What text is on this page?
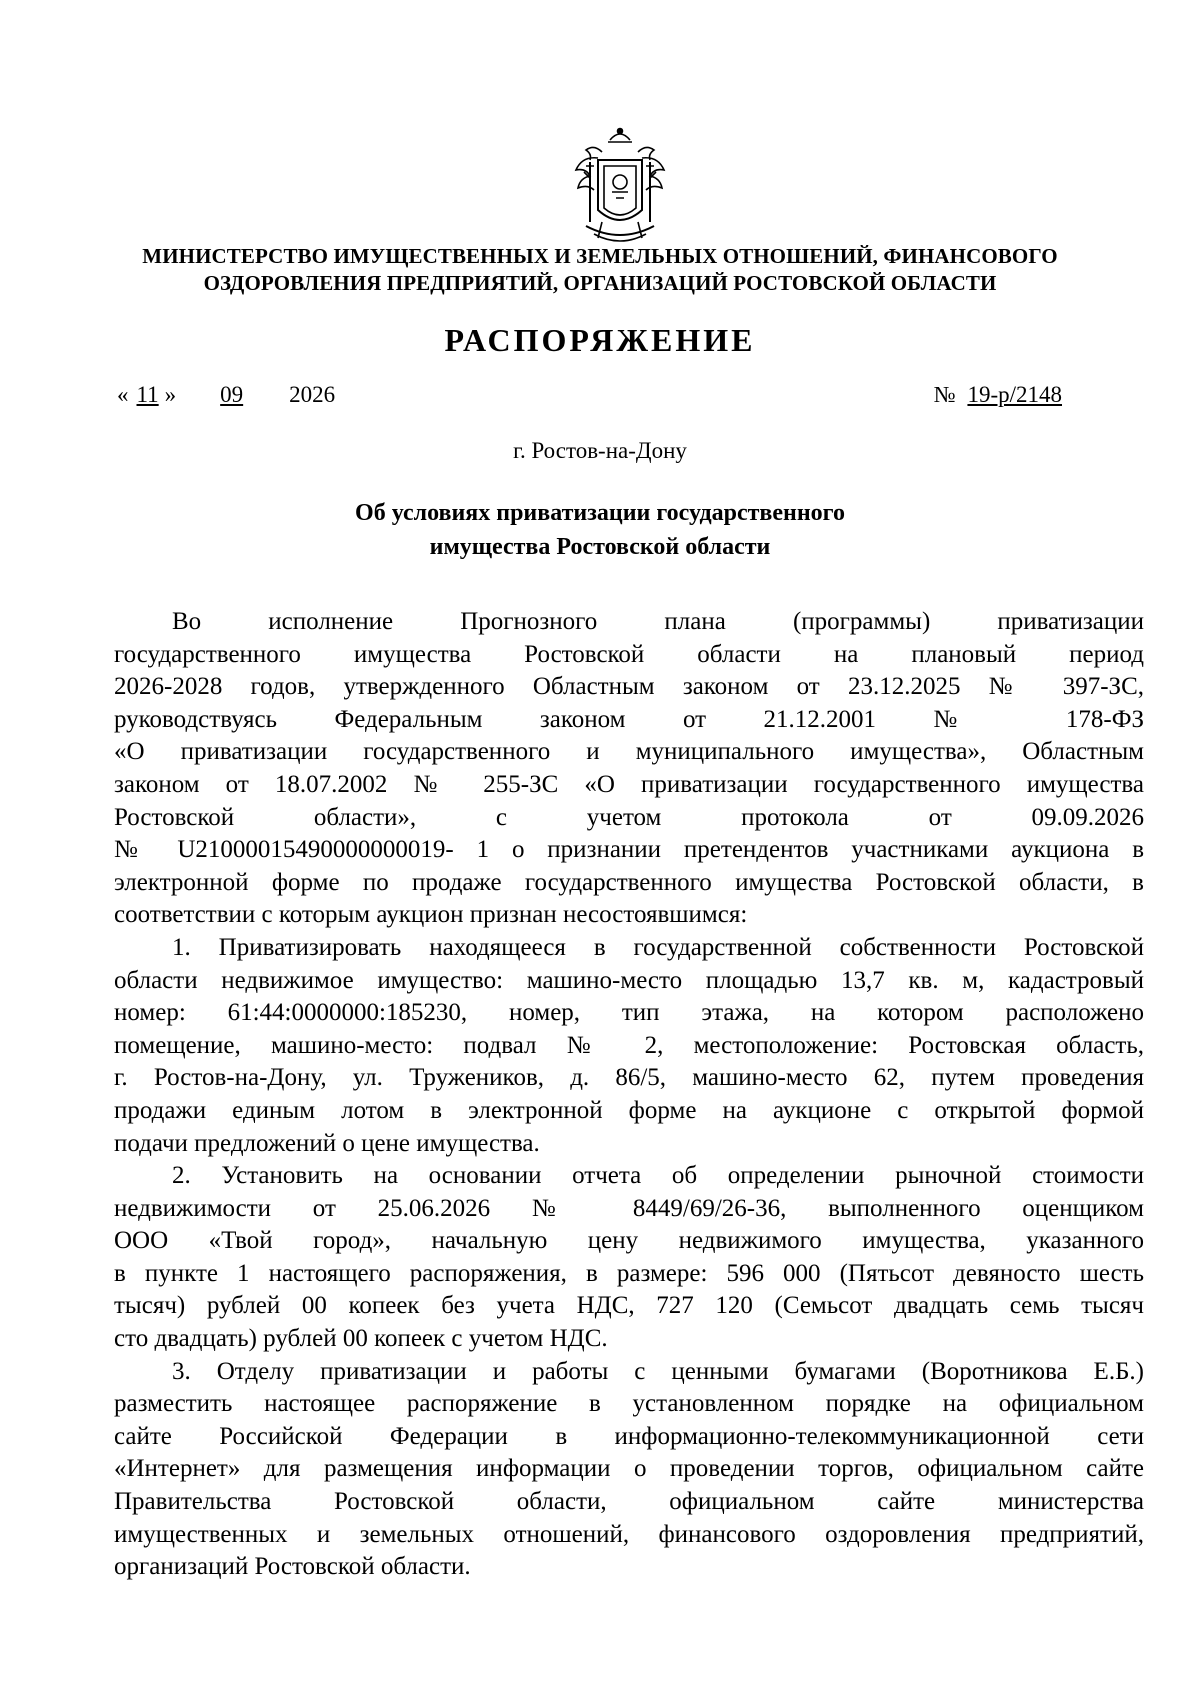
МИНИСТЕРСТВО ИМУЩЕСТВЕННЫХ И ЗЕМЕЛЬНЫХ ОТНОШЕНИЙ, ФИНАНСОВОГО
ОЗДОРОВЛЕНИЯ ПРЕДПРИЯТИЙ, ОРГАНИЗАЦИЙ РОСТОВСКОЙ ОБЛАСТИ
РАСПОРЯЖЕНИЕ
« 11 » 09 2026	№ 19-р/2148
г. Ростов-на-Дону
Об условиях приватизации государственного
имущества Ростовской области
Во исполнение Прогнозного плана (программы) приватизации
государственного имущества Ростовской области на плановый период
2026-2028 годов, утвержденного Областным законом от 23.12.2025 № 397-ЗС,
руководствуясь Федеральным законом от 21.12.2001 № 178-ФЗ
«О приватизации государственного и муниципального имущества», Областным
законом от 18.07.2002 № 255-ЗС «О приватизации государственного имущества
Ростовской области», с учетом протокола от 09.09.2026
№ U21000015490000000019- 1 о признании претендентов участниками аукциона в
электронной форме по продаже государственного имущества Ростовской области, в
соответствии с которым аукцион признан несостоявшимся:
1. Приватизировать находящееся в государственной собственности Ростовской
области недвижимое имущество: машино-место площадью 13,7 кв. м, кадастровый
номер: 61:44:0000000:185230, номер, тип этажа, на котором расположено
помещение, машино-место: подвал № 2, местоположение: Ростовская область,
г. Ростов-на-Дону, ул. Тружеников, д. 86/5, машино-место 62, путем проведения
продажи единым лотом в электронной форме на аукционе с открытой формой
подачи предложений о цене имущества.
2. Установить на основании отчета об определении рыночной стоимости
недвижимости от 25.06.2026 № 8449/69/26-36, выполненного оценщиком
ООО «Твой город», начальную цену недвижимого имущества, указанного
в пункте 1 настоящего распоряжения, в размере: 596 000 (Пятьсот девяносто шесть
тысяч) рублей 00 копеек без учета НДС, 727 120 (Семьсот двадцать семь тысяч
сто двадцать) рублей 00 копеек с учетом НДС.
3. Отделу приватизации и работы с ценными бумагами (Воротникова Е.Б.)
разместить настоящее распоряжение в установленном порядке на официальном
сайте Российской Федерации в информационно-телекоммуникационной сети
«Интернет» для размещения информации о проведении торгов, официальном сайте
Правительства Ростовской области, официальном сайте министерства
имущественных и земельных отношений, финансового оздоровления предприятий,
организаций Ростовской области.
